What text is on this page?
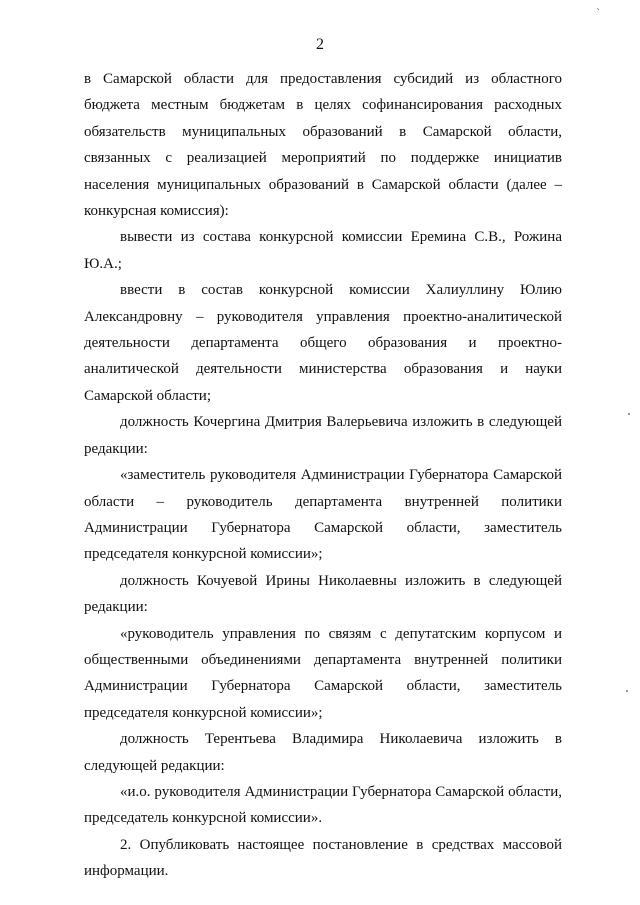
`
2

в Самарской области для предоставления субсидий из областного бюджета местным бюджетам в целях софинансирования расходных обязательств муниципальных образований в Самарской области, связанных с реализацией мероприятий по поддержке инициатив населения муниципальных образований в Самарской области (далее – конкурсная комиссия):

вывести из состава конкурсной комиссии Еремина С.В., Рожина Ю.А.;

ввести в состав конкурсной комиссии Халиуллину Юлию Александровну – руководителя управления проектно-аналитической деятельности департамента общего образования и проектно-аналитической деятельности министерства образования и науки Самарской области;

должность Кочергина Дмитрия Валерьевича изложить в следующей редакции:

«заместитель руководителя Администрации Губернатора Самарской области – руководитель департамента внутренней политики Администрации Губернатора Самарской области, заместитель председателя конкурсной комиссии»;

должность Кочуевой Ирины Николаевны изложить в следующей редакции:

«руководитель управления по связям с депутатским корпусом и общественными объединениями департамента внутренней политики Администрации Губернатора Самарской области, заместитель председателя конкурсной комиссии»;

должность Терентьева Владимира Николаевича изложить в следующей редакции:

«и.о. руководителя Администрации Губернатора Самарской области, председатель конкурсной комиссии».

2. Опубликовать настоящее постановление в средствах массовой информации.
